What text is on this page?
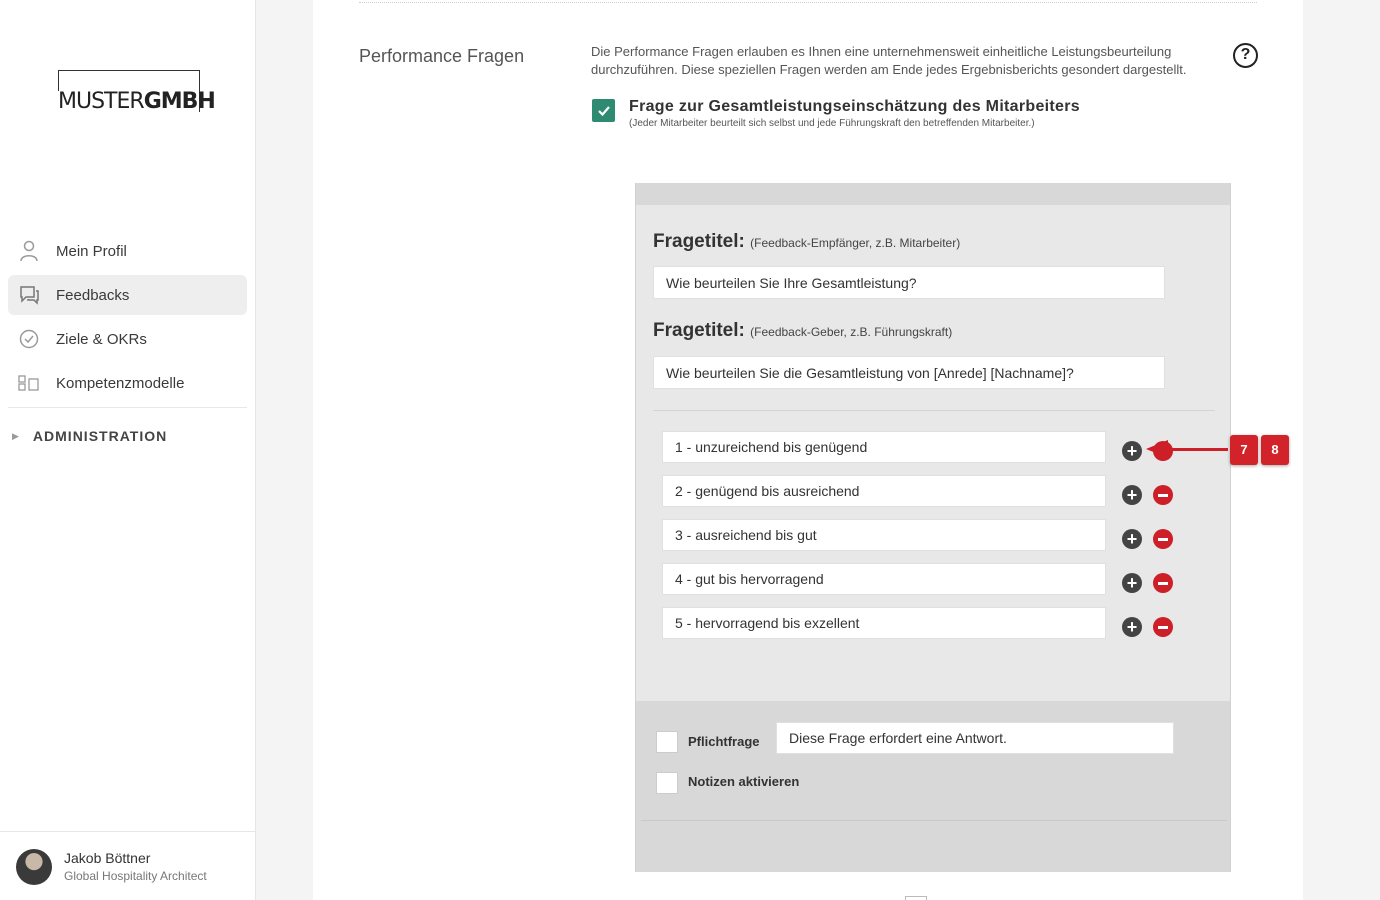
MUSTERGMBH
Mein Profil
Feedbacks
Ziele & OKRs
Kompetenzmodelle
▶ ADMINISTRATION
Jakob Böttner
Global Hospitality Architect
Performance Fragen	Die Performance Fragen erlauben es Ihnen eine unternehmensweit einheitliche Leistungsbeurteilung durchzuführen. Diese speziellen Fragen werden am Ende jedes Ergebnisberichts gesondert dargestellt.
?
Frage zur Gesamtleistungseinschätzung des Mitarbeiters
(Jeder Mitarbeiter beurteilt sich selbst und jede Führungskraft den betreffenden Mitarbeiter.)
Fragetitel: (Feedback-Empfänger, z.B. Mitarbeiter)
Wie beurteilen Sie Ihre Gesamtleistung?
Fragetitel: (Feedback-Geber, z.B. Führungskraft)
Wie beurteilen Sie die Gesamtleistung von [Anrede] [Nachname]?
1 - unzureichend bis genügend	+
2 - genügend bis ausreichend	+
3 - ausreichend bis gut	+
4 - gut bis hervorragend	+
5 - hervorragend bis exzellent	+
Pflichtfrage	Diese Frage erfordert eine Antwort.
Notizen aktivieren
7	8
